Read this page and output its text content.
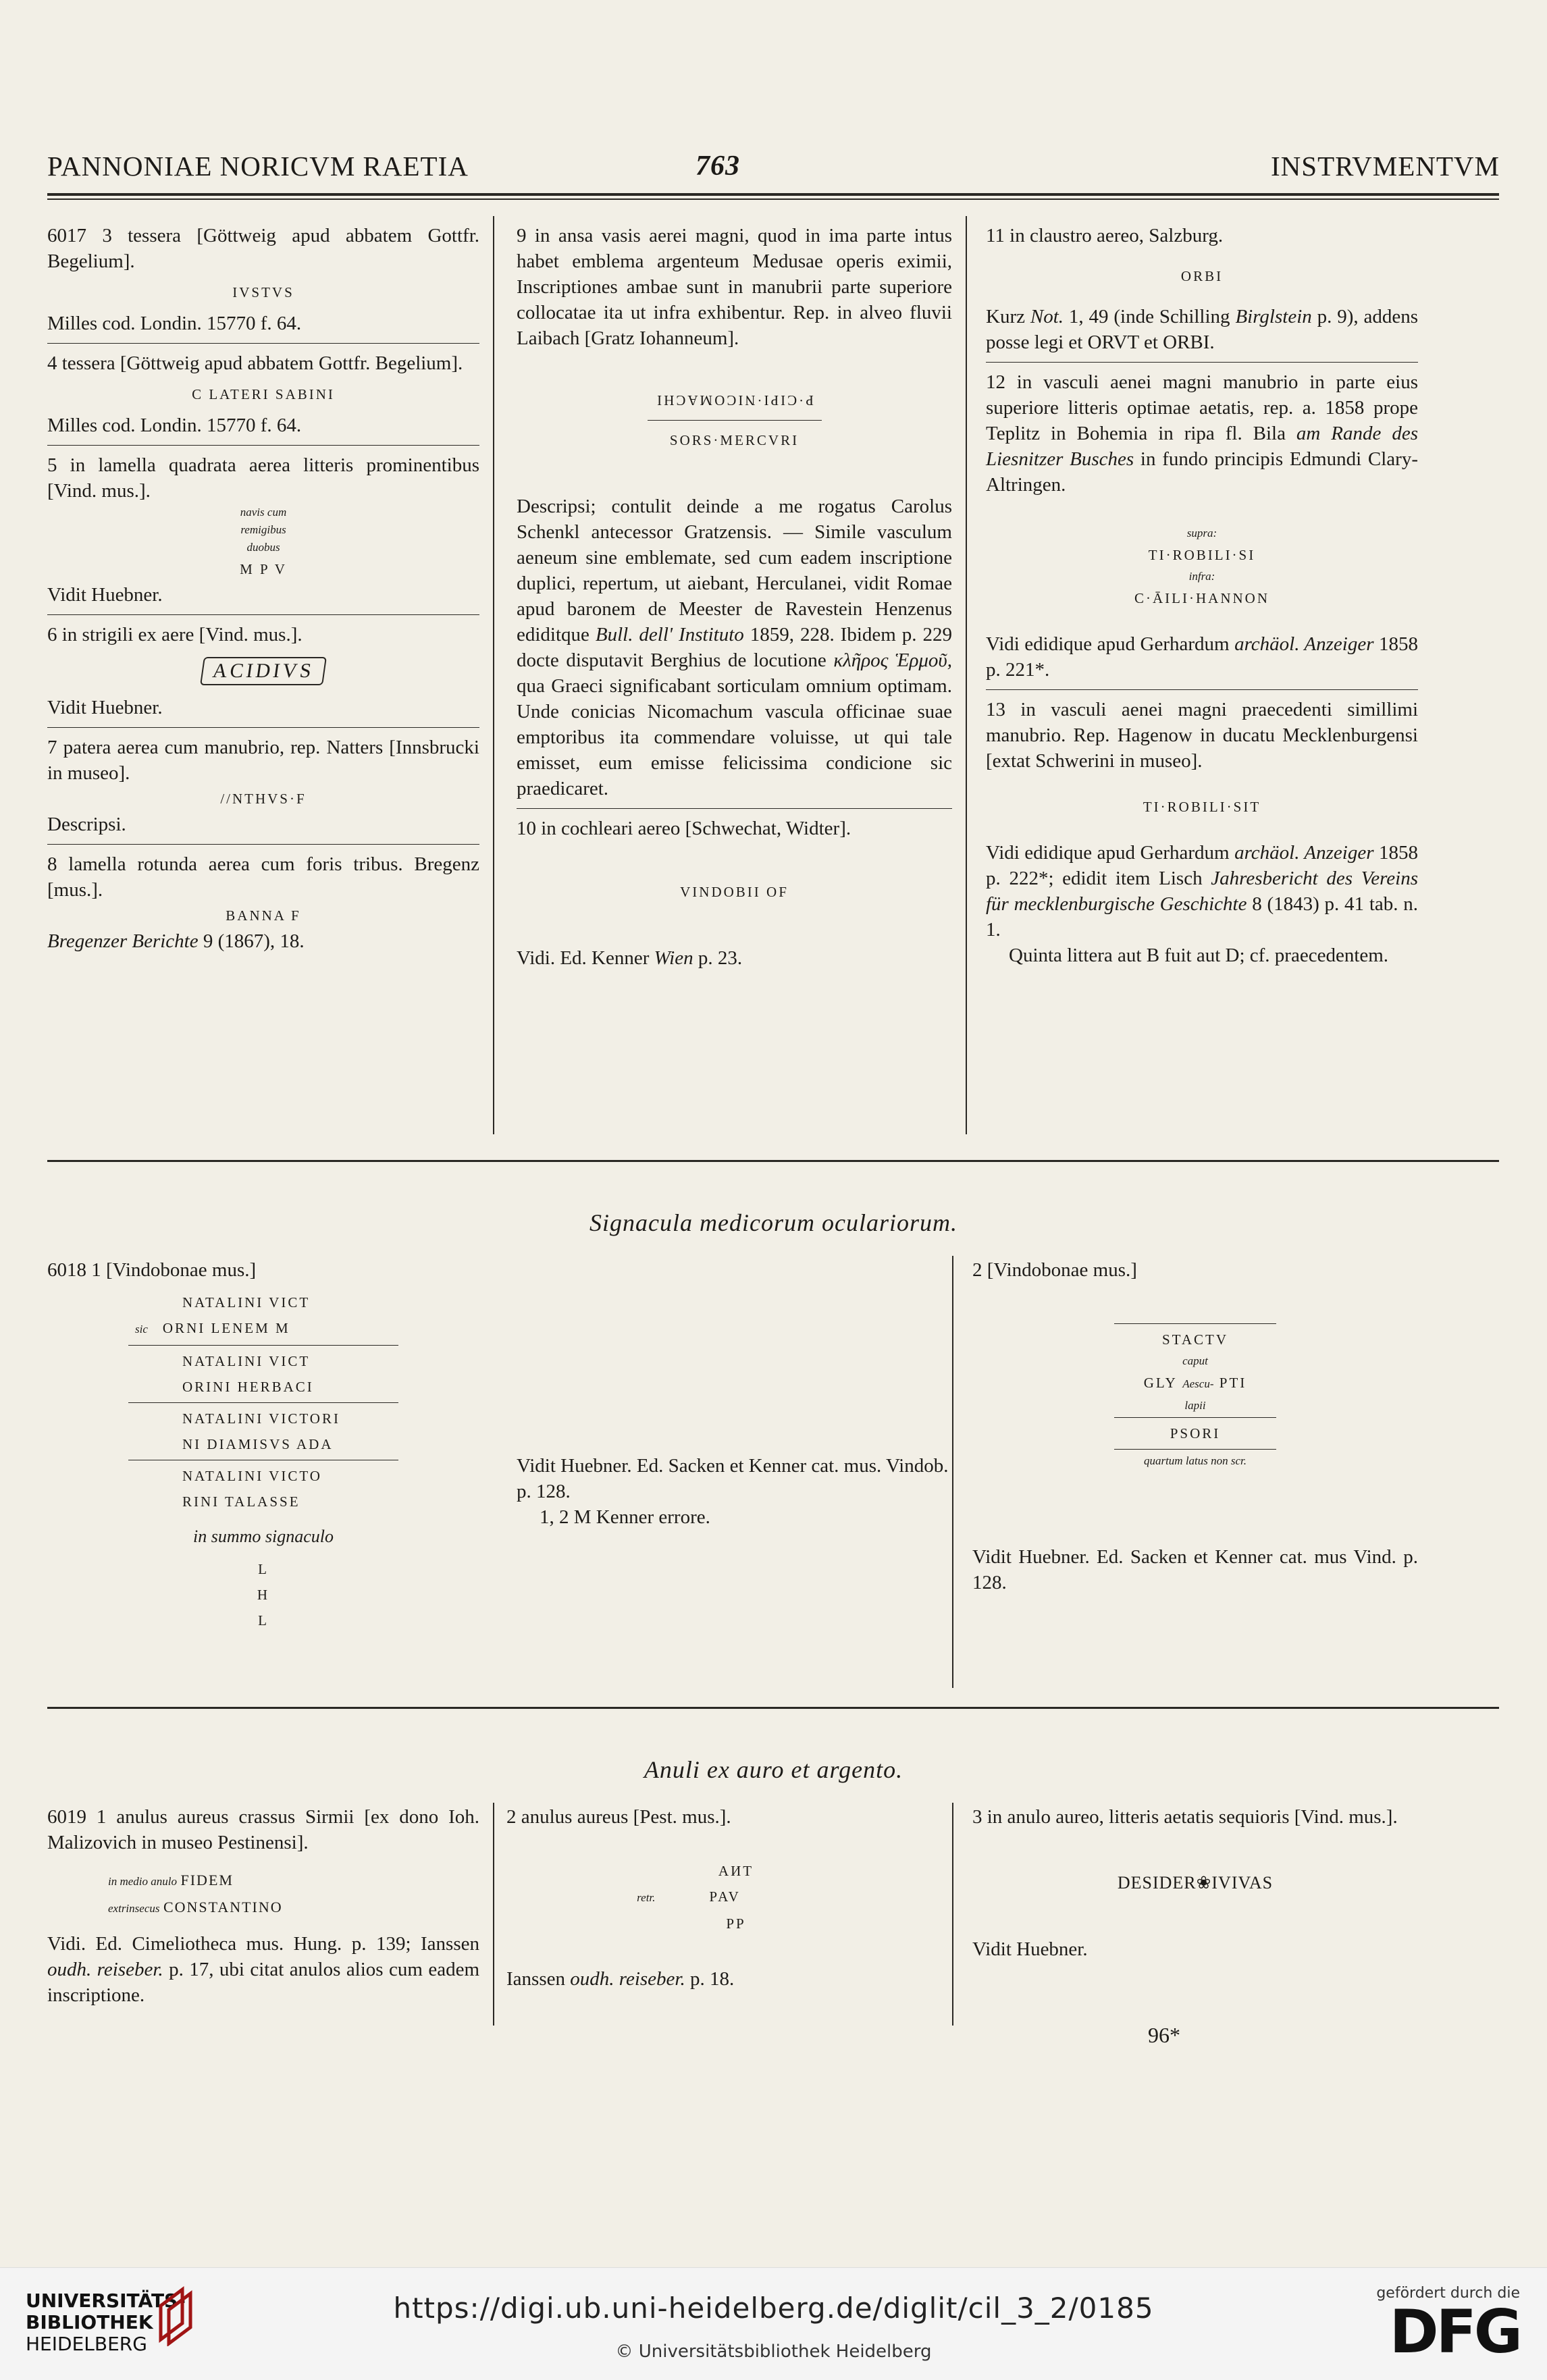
PANNONIAE NORICVM RAETIA	763	INSTRVMENTVM

6017 3 tessera [Göttweig apud abbatem Gottfr. Begelium].

IVSTVS

Milles cod. Londin. 15770 f. 64.

4 tessera [Göttweig apud abbatem Gottfr. Begelium].

C LATERI SABINI

Milles cod. Londin. 15770 f. 64.

5 in lamella quadrata aerea litteris prominentibus [Vind. mus.].

navis cum

remigibus

duobus

M P V

Vidit Huebner.

6 in strigili ex aere [Vind. mus.].

ACIDIVS

Vidit Huebner.

7 patera aerea cum manubrio, rep. Natters [Innsbrucki in museo].

//NTHVS·F

Descripsi.

8 lamella rotunda aerea cum foris tribus. Bregenz [mus.].

BANNA F

Bregenzer Berichte 9 (1867), 18.

9 in ansa vasis aerei magni, quod in ima parte intus habet emblema argenteum Medusae operis eximii, Inscriptiones ambae sunt in manubrii parte superiore collocatae ita ut infra exhibentur. Rep. in alveo fluvii Laibach [Gratz Iohanneum].

P·CIPI·NICOMACHI

SORS·MERCVRI

Descripsi; contulit deinde a me rogatus Carolus Schenkl antecessor Gratzensis. — Simile vasculum aeneum sine emblemate, sed cum eadem inscriptione duplici, repertum, ut aiebant, Herculanei, vidit Romae apud baronem de Meester de Ravestein Henzenus ediditque Bull. dell' Instituto 1859, 228. Ibidem p. 229 docte disputavit Berghius de locutione κλῆρος Ἑρμοῦ, qua Graeci significabant sorticulam omnium optimam. Unde conicias Nicomachum vascula officinae suae emptoribus ita commendare voluisse, ut qui tale emisset, eum emisse felicissima condicione sic praedicaret.

10 in cochleari aereo [Schwechat, Widter].

VINDOBII OF

Vidi. Ed. Kenner Wien p. 23.

11 in claustro aereo, Salzburg.

ORBI

Kurz Not. 1, 49 (inde Schilling Birglstein p. 9), addens posse legi et ORVT et ORBI.

12 in vasculi aenei magni manubrio in parte eius superiore litteris optimae aetatis, rep. a. 1858 prope Teplitz in Bohemia in ripa fl. Bila am Rande des Liesnitzer Busches in fundo principis Edmundi Clary-Altringen.

supra:

TI·ROBILI·SI

infra:

C·ĀILI·HANNON

Vidi edidique apud Gerhardum archäol. Anzeiger 1858 p. 221*.

13 in vasculi aenei magni praecedenti simillimi manubrio. Rep. Hagenow in ducatu Mecklenburgensi [extat Schwerini in museo].

TI·ROBILI·SIT

Vidi edidique apud Gerhardum archäol. Anzeiger 1858 p. 222*; edidit item Lisch Jahresbericht des Vereins für mecklenburgische Geschichte 8 (1843) p. 41 tab. n. 1.

Quinta littera aut B fuit aut D; cf. praecedentem.

Signacula medicorum oculariorum.

6018 1 [Vindobonae mus.]

NATALINI VICT

sic ORNI LENEM M

NATALINI VICT

ORINI HERBACI

NATALINI VICTORI

NI DIAMISVS ADA

NATALINI VICTO

RINI TALASSE

in summo signaculo

L

H

L

Vidit Huebner. Ed. Sacken et Kenner cat. mus. Vindob. p. 128.

1, 2 M Kenner errore.

2 [Vindobonae mus.]

STACTV

caput

GLY Aescu- PTI

lapii

PSORI

quartum latus non scr.

Vidit Huebner. Ed. Sacken et Kenner cat. mus Vind. p. 128.

Anuli ex auro et argento.

6019 1 anulus aureus crassus Sirmii [ex dono Ioh. Malizovich in museo Pestinensi].

in medio anulo FIDEM

extrinsecus CONSTANTINO

Vidi. Ed. Cimeliotheca mus. Hung. p. 139; Ianssen oudh. reiseber. p. 17, ubi citat anulos alios cum eadem inscriptione.

2 anulus aureus [Pest. mus.].

AИT

retr.	PAV

PP

Ianssen oudh. reiseber. p. 18.

3 in anulo aureo, litteris aetatis sequioris [Vind. mus.].

DESIDER❀IVIVAS

Vidit Huebner.

96*
UNIVERSITÄTS-
BIBLIOTHEK
HEIDELBERG
https://digi.ub.uni-heidelberg.de/diglit/cil_3_2/0185
© Universitätsbibliothek Heidelberg
gefördert durch die
DFG
